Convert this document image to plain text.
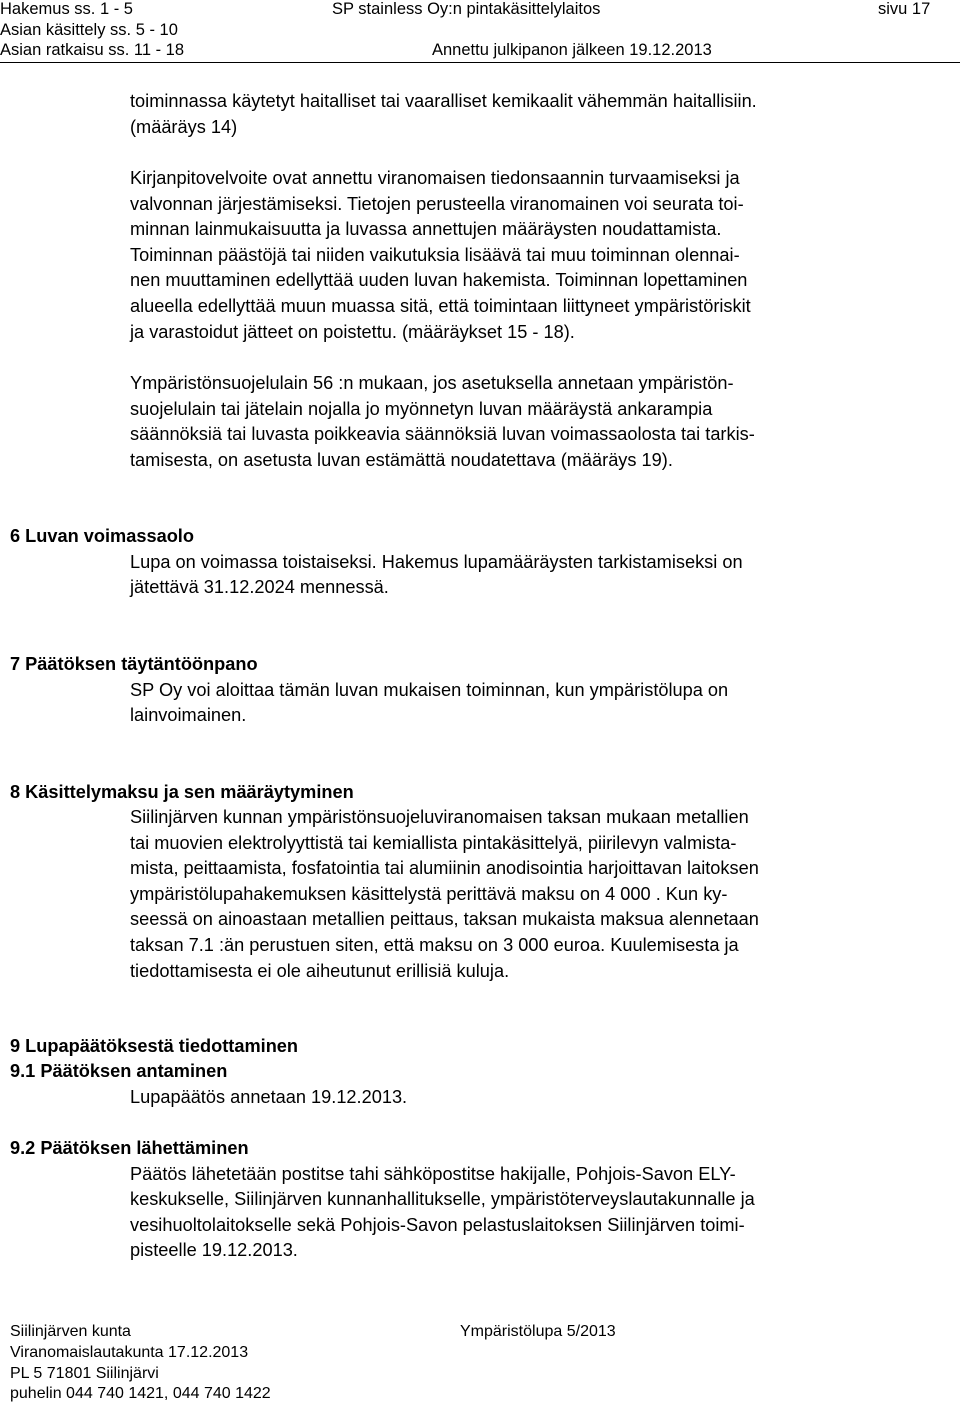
Hakemus ss. 1 - 5
Asian käsittely ss. 5 - 10
Asian ratkaisu ss. 11 - 18
SP stainless Oy:n pintakäsittelylaitos
Annettu julkipanon jälkeen 19.12.2013
sivu 17
toiminnassa käytetyt haitalliset tai vaaralliset kemikaalit vähemmän haitallisiin.
(määräys 14)
Kirjanpitovelvoite ovat annettu viranomaisen tiedonsaannin turvaamiseksi ja
valvonnan järjestämiseksi. Tietojen perusteella viranomainen voi seurata toi-
minnan lainmukaisuutta ja luvassa annettujen määräysten noudattamista.
Toiminnan päästöjä tai niiden vaikutuksia lisäävä tai muu toiminnan olennai-
nen muuttaminen edellyttää uuden luvan hakemista. Toiminnan lopettaminen
alueella edellyttää muun muassa sitä, että toimintaan liittyneet ympäristöriskit
ja varastoidut jätteet on poistettu. (määräykset 15 - 18).
Ympäristönsuojelulain 56 :n mukaan, jos asetuksella annetaan ympäristön-
suojelulain tai jätelain nojalla jo myönnetyn luvan määräystä ankarampia
säännöksiä tai luvasta poikkeavia säännöksiä luvan voimassaolosta tai tarkis-
tamisesta, on asetusta luvan estämättä noudatettava (määräys 19).
6 Luvan voimassaolo
Lupa on voimassa toistaiseksi. Hakemus lupamääräysten tarkistamiseksi on
jätettävä 31.12.2024 mennessä.
7 Päätöksen täytäntöönpano
SP Oy voi aloittaa tämän luvan mukaisen toiminnan, kun ympäristölupa on
lainvoimainen.
8 Käsittelymaksu ja sen määräytyminen
Siilinjärven kunnan ympäristönsuojeluviranomaisen taksan mukaan metallien
tai muovien elektrolyyttistä tai kemiallista pintakäsittelyä, piirilevyn valmista-
mista, peittaamista, fosfatointia tai alumiinin anodisointia harjoittavan laitoksen
ympäristölupahakemuksen käsittelystä perittävä maksu on 4 000 . Kun ky-
seessä on ainoastaan metallien peittaus, taksan mukaista maksua alennetaan
taksan 7.1 :än perustuen siten, että maksu on 3 000 euroa. Kuulemisesta ja
tiedottamisesta ei ole aiheutunut erillisiä kuluja.
9 Lupapäätöksestä tiedottaminen
9.1 Päätöksen antaminen
Lupapäätös annetaan 19.12.2013.
9.2 Päätöksen lähettäminen
Päätös lähetetään postitse tahi sähköpostitse hakijalle, Pohjois-Savon ELY-
keskukselle, Siilinjärven kunnanhallitukselle, ympäristöterveyslautakunnalle ja
vesihuoltolaitokselle sekä Pohjois-Savon pelastuslaitoksen Siilinjärven toimi-
pisteelle 19.12.2013.
Siilinjärven kunta
Viranomaislautakunta 17.12.2013
PL 5 71801 Siilinjärvi
puhelin 044 740 1421, 044 740 1422
Ympäristölupa 5/2013
